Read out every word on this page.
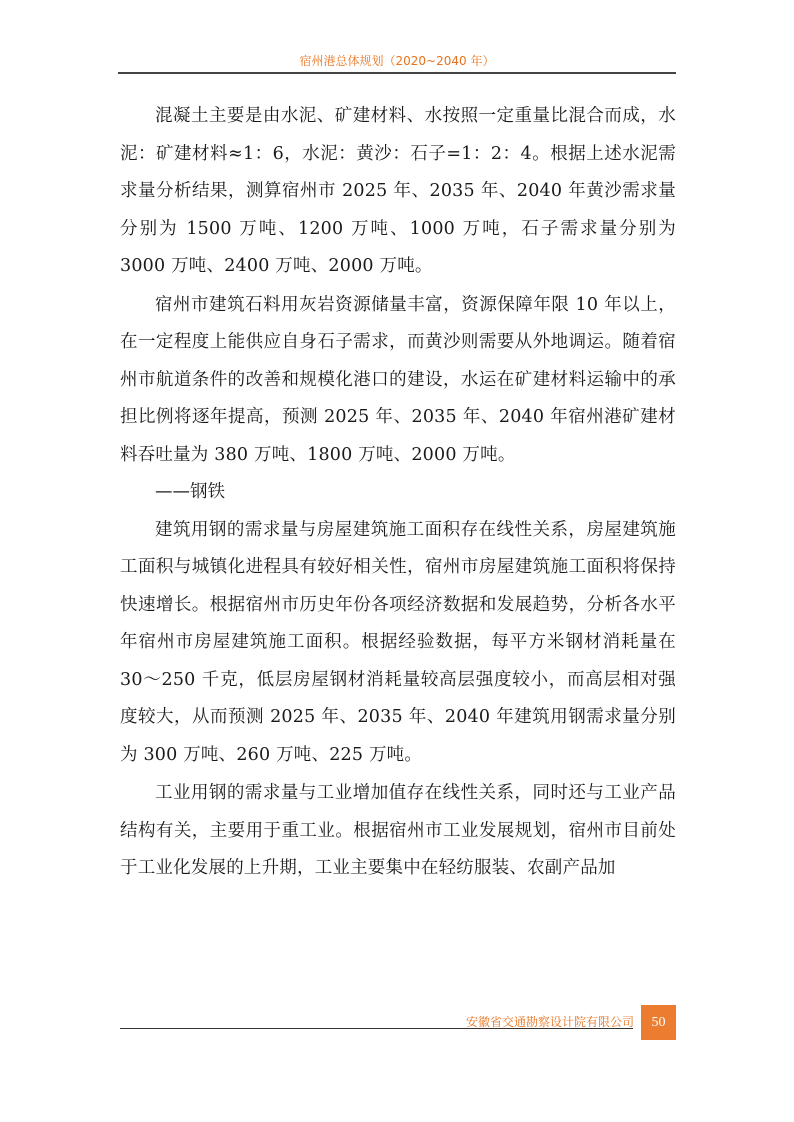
宿州港总体规划（2020~2040 年）

混凝土主要是由水泥、矿建材料、水按照一定重量比混合而成，水泥：矿建材料≈1：6，水泥：黄沙：石子=1：2：4。根据上述水泥需求量分析结果，测算宿州市 2025 年、2035 年、2040 年黄沙需求量分别为 1500 万吨、1200 万吨、1000 万吨，石子需求量分别为 3000 万吨、2400 万吨、2000 万吨。

宿州市建筑石料用灰岩资源储量丰富，资源保障年限 10 年以上，在一定程度上能供应自身石子需求，而黄沙则需要从外地调运。随着宿州市航道条件的改善和规模化港口的建设，水运在矿建材料运输中的承担比例将逐年提高，预测 2025 年、2035 年、2040 年宿州港矿建材料吞吐量为 380 万吨、1800 万吨、2000 万吨。

——钢铁

建筑用钢的需求量与房屋建筑施工面积存在线性关系，房屋建筑施工面积与城镇化进程具有较好相关性，宿州市房屋建筑施工面积将保持快速增长。根据宿州市历史年份各项经济数据和发展趋势，分析各水平年宿州市房屋建筑施工面积。根据经验数据，每平方米钢材消耗量在 30～250 千克，低层房屋钢材消耗量较高层强度较小，而高层相对强度较大，从而预测 2025 年、2035 年、2040 年建筑用钢需求量分别为 300 万吨、260 万吨、225 万吨。

工业用钢的需求量与工业增加值存在线性关系，同时还与工业产品结构有关，主要用于重工业。根据宿州市工业发展规划，宿州市目前处于工业化发展的上升期，工业主要集中在轻纺服装、农副产品加

安徽省交通勘察设计院有限公司	50
